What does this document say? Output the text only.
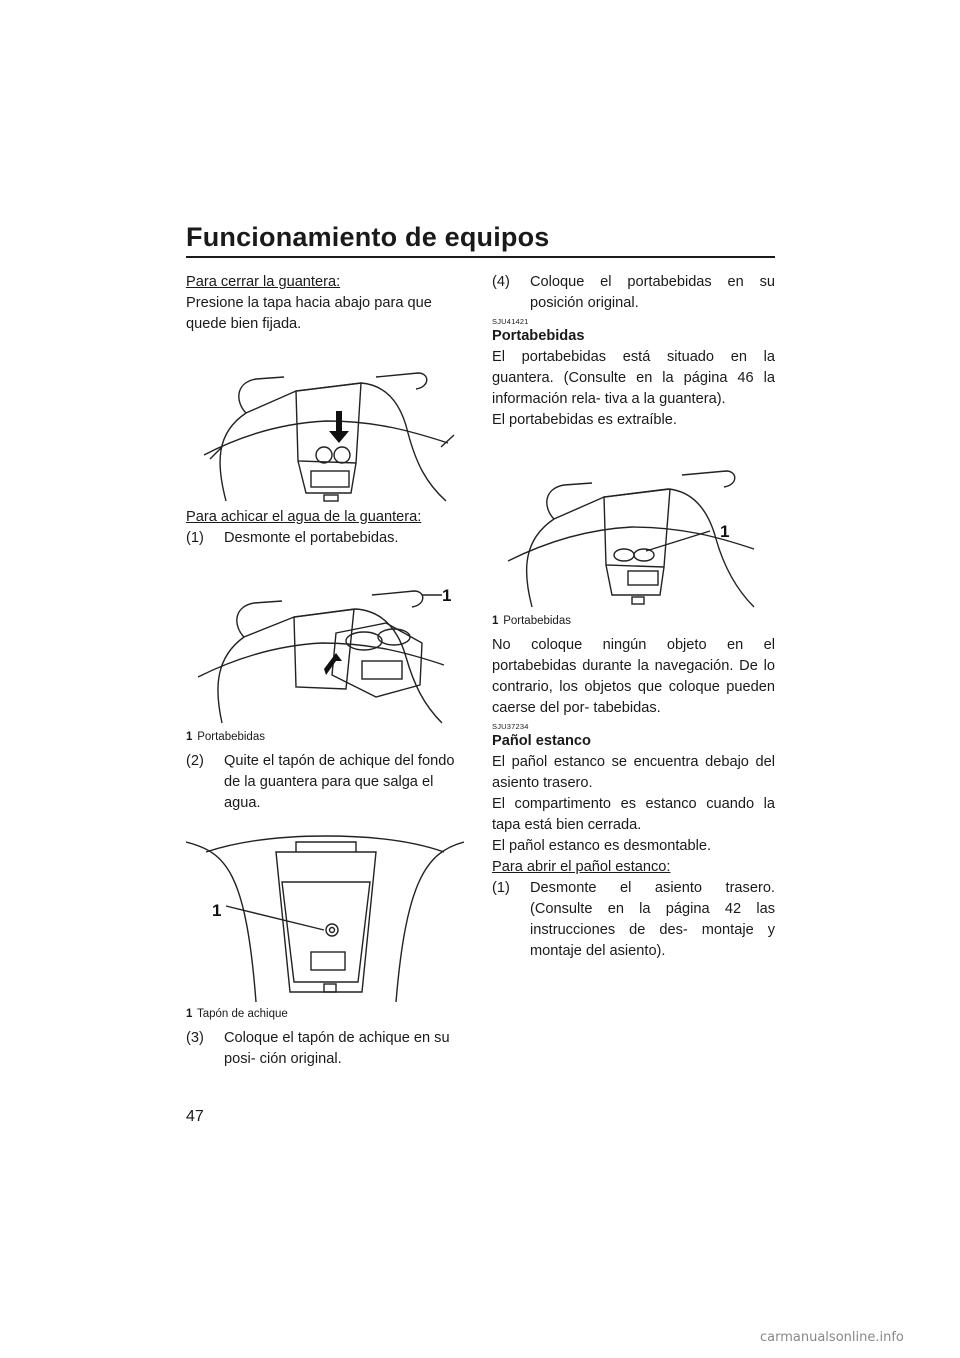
Funcionamiento de equipos

Para cerrar la guantera:

Presione la tapa hacia abajo para que quede bien fijada.

Para achicar el agua de la guantera:

(1)	Desmonte el portabebidas.
1

1 Portabebidas

(2)	Quite el tapón de achique del fondo de la guantera para que salga el agua.
1

1 Tapón de achique

(3)	Coloque el tapón de achique en su posi- ción original.
(4)	Coloque el portabebidas en su posición original.
SJU41421

Portabebidas

El portabebidas está situado en la guantera. (Consulte en la página 46 la información rela- tiva a la guantera).

El portabebidas es extraíble.

1

1 Portabebidas

No coloque ningún objeto en el portabebidas durante la navegación. De lo contrario, los objetos que coloque pueden caerse del por- tabebidas.

SJU37234

Pañol estanco

El pañol estanco se encuentra debajo del asiento trasero.

El compartimento es estanco cuando la tapa está bien cerrada.

El pañol estanco es desmontable.

Para abrir el pañol estanco:

(1)	Desmonte el asiento trasero. (Consulte en la página 42 las instrucciones de des- montaje y montaje del asiento).
47
carmanualsonline.info
